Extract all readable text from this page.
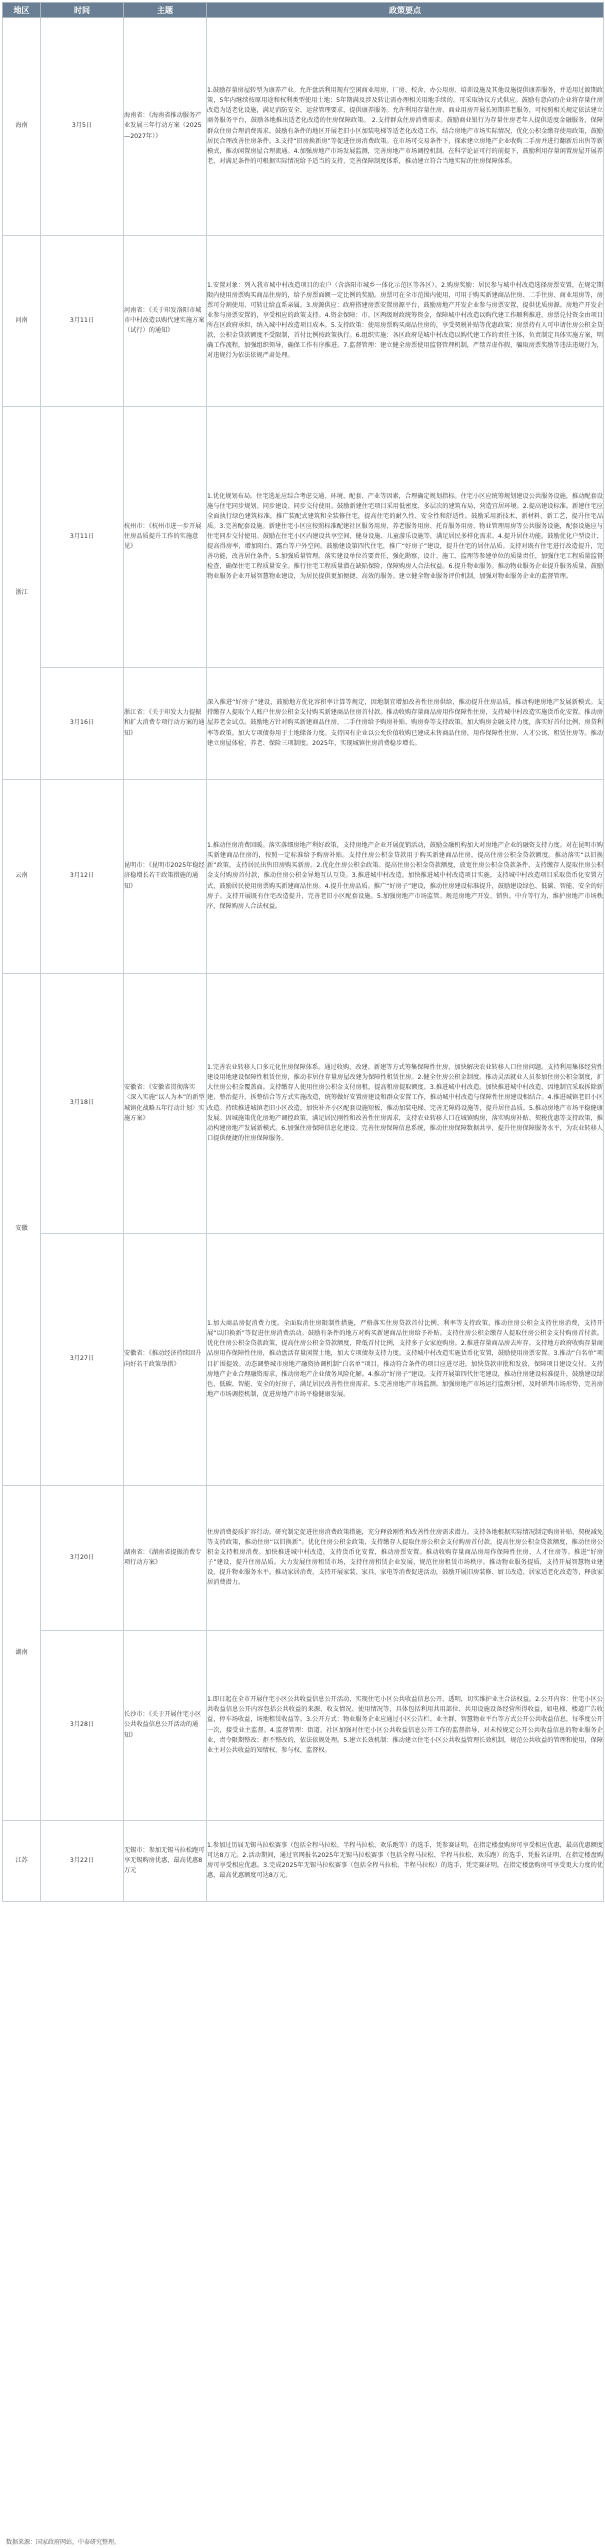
地区	时间	主题	政策要点
海南	3月5日	海南省：《海南省推动服务产业发展三年行动方案（2025—2027年）》	1.鼓励存量房屋转型为康养产业。允许盘活利用现有空闲商业用房、厂房、校舍、办公用房、培训设施及其他设施提供康养服务，并适用过渡期政策，5年内继续按原用途和权利类型使用土地；5年期满及涉及转让需办理相关用地手续的，可采取协议方式供应。鼓励有意向的企业将存量住房改造为适老化设施，满足消防安全、运营管理要求，提供康养服务。允许利用存量住房、商业用房开展长短期养老服务，可按照相关规定依法建立商务服务平台，鼓励各地推出适老化改造的住房保障政策。 2.支持群众住房消费需求。鼓励商业银行为存量住房老年人提供适度金融服务，保障群众住房合理消费需求。鼓励有条件的地区开展老旧小区加装电梯等适老化改造工作，结合房地产市场实际情况，优化公积金缴存使用政策，鼓励居民合理改善住房条件。3.支持“旧房换新房”等促进住房消费政策。在市场可交易条件下，探索建立房地产企业收购二手房并进行翻新后出售等新模式，推动闲置房屋合理流通。4.加强房地产市场发展监测，完善房地产市场调控机制。在科学论证可行的前提下，鼓励利用存量闲置房屋开展养老，对满足条件的可根据实际情况给予适当的支持，完善保障制度体系，推动建立符合当地实际的住房保障体系。
河南	3月11日	河南省：《关于印发洛阳市城市中村改造以购代建实施方案（试行）的通知》	1.安置对象：列入我市城中村改造项目的农户（含洛阳市城乡一体化示范区等各区）。2.购房奖励：居民参与城中村改造选择房票安置，在规定期限内使用房票购买商品住房的，给予房票面额一定比例的奖励。房票可在全市范围内使用，可用于购买新建商品住房、二手住房、商业用房等，房票可分割使用、可转让给直系亲属。3.房源供应：政府搭建房票安置房源平台，鼓励房地产开发企业参与房票安置，提供优质房源。房地产开发企业参与房票安置的，享受相应的政策支持。4.资金保障：市、区两级财政统筹资金，保障城中村改造以购代建工作顺利推进，房票兑付资金由项目所在区政府承担，纳入城中村改造项目成本。5.支持政策：使用房票购买商品住房的，享受契税补贴等优惠政策；房票持有人可申请住房公积金贷款，公积金贷款额度不受限制，首付比例按政策执行。6.组织实施：各区政府是城中村改造以购代建工作的责任主体，负责制定具体实施方案，明确工作流程，加强组织领导，确保工作有序推进。7.监督管理：建立健全房票使用监督管理机制，严禁弄虚作假、骗取房票奖励等违法违规行为，对违规行为依法依规严肃处理。
浙江	3月11日	杭州市：《杭州市进一步开展住房品质提升工作的实施意见》	1.优化规划布局。住宅选址应综合考虑交通、环境、配套、产业等因素，合理确定规划指标。住宅小区应统筹规划建设公共服务设施，推动配套设施与住宅同步规划、同步建设、同步交付使用。鼓励新建住宅项目采用低密度、多层次的建筑布局，营造宜居环境。2.提高建设标准。新建住宅应全面执行绿色建筑标准，推广装配式建筑和全装修住宅，提高住宅的耐久性、安全性和舒适性。鼓励采用新技术、新材料、新工艺，提升住宅品质。3.完善配套设施。新建住宅小区应按照标准配建社区服务用房、养老服务用房、托育服务用房、物业管理用房等公共服务设施，配套设施应与住宅同步交付使用。鼓励在住宅小区内建设共享空间、健身设施、儿童游乐设施等，满足居民多样化需求。4.提升居住功能。鼓励优化户型设计，提高得房率，增加阳台、露台等户外空间。鼓励建设第四代住宅，推广“好房子”建设，提升住宅的居住品质。支持对既有住宅进行改造提升，完善功能，改善居住条件。5.加强质量管理。落实建设单位首要责任，强化勘察、设计、施工、监理等参建单位的质量责任，加强住宅工程质量监督检查，确保住宅工程质量安全。推行住宅工程质量潜在缺陷保险，保障购房人合法权益。6.提升物业服务。推动物业服务企业提升服务质量，鼓励物业服务企业开展智慧物业建设，为居民提供更加便捷、高效的服务。建立健全物业服务评价机制，加强对物业服务企业的监督管理。
	3月16日	浙江省：《关于印发大力提振和扩大消费专项行动方案的通知》	深入推进“好房子”建设，鼓励地方优化容积率计算等规定，因地制宜增加改善性住房供给，推动提升住房品质，推动构建房地产发展新模式。支持缴存人提取个人账户住房公积金支付购买新建商品住房首付款。推动收购存量商品房用作保障性住房，支持城中村改造实施货币化安置。推动房屋养老金试点。鼓励地方针对购买新建商品住房、二手住房给予购房补贴、购房券等支持政策。加大购房金融支持力度，落实好首付比例、房贷利率等政策。加大专项债券用于土地储备力度。支持国有企业以公允价值收购已建成未售商品住房，用作保障性住房、人才公寓、租赁住房等。推动建立房屋体检、养老、保险三项制度。2025年，实现城镇住房消费稳步增长。
云南	3月12日	昆明市：《昆明市2025年稳经济稳增长若干政策措施的通知》	1.推动住房消费回暖。落实落细房地产利好政策，支持房地产企业开展促销活动，鼓励金融机构加大对房地产企业的融资支持力度。对在昆明市购买新建商品住房的，按照一定标准给予购房补贴。支持住房公积金贷款用于购买新建商品住房，提高住房公积金贷款额度。推动落实“以旧换新”政策，支持居民出售旧房购买新房。2.优化住房公积金政策。提高住房公积金贷款额度，放宽住房公积金贷款条件，支持缴存人提取住房公积金支付购房首付款，推动住房公积金异地互认互贷。3.推进城中村改造。加快推进城中村改造项目实施，支持城中村改造项目采取货币化安置方式，鼓励居民使用房票购买新建商品住房。4.提升住房品质。推广“好房子”建设，推动住房建设标准提升，鼓励建设绿色、低碳、智能、安全的好房子。支持开展既有住宅改造提升，完善老旧小区配套设施。5.加强房地产市场监管。规范房地产开发、销售、中介等行为，维护房地产市场秩序，保障购房人合法权益。
安徽	3月18日	安徽省：《安徽省贯彻落实〈深入实施“以人为本”的新型城镇化战略五年行动计划〉实施方案》	1.完善农业转移人口多元化住房保障体系。通过收购、改建、新建等方式筹集保障性住房，加快解决农业转移人口住房问题。支持利用集体经营性建设用地建设保障性租赁住房，推动非居住存量房屋改建为保障性租赁住房。2.健全住房公积金制度。推动灵活就业人员参加住房公积金制度，扩大住房公积金覆盖面。支持缴存人使用住房公积金支付房租，提高租房提取额度。3.推进城中村改造。加快推进城中村改造，因地制宜采取拆除新建、整治提升、拆整结合等方式实施改造，统筹做好安置房建设和群众安置工作，推动城中村改造与保障性住房建设相结合。4.推进城镇老旧小区改造。持续推进城镇老旧小区改造，加快补齐小区配套设施短板，推动加装电梯、完善无障碍设施等，提升居住品质。5.推动房地产市场平稳健康发展。因城施策优化房地产调控政策，满足居民刚性和改善性住房需求，支持农业转移人口在城镇购房，落实购房补贴、契税优惠等支持政策，推动构建房地产发展新模式。6.加强住房保障信息化建设。完善住房保障信息系统，推动住房保障数据共享，提升住房保障服务水平，为农业转移人口提供便捷的住房保障服务。
	3月27日	安徽省：《推动经济持续回升向好若干政策举措》	1.加大商品房促消费力度。全面取消住房限制性措施，严格落实住房贷款首付比例、利率等支持政策，推动住房公积金支持住房消费，支持开展“以旧换新”等促进住房消费活动。鼓励有条件的地方对购买新建商品住房给予补贴。支持住房公积金缴存人提取住房公积金支付购房首付款。优化住房公积金贷款政策，提高住房公积金贷款额度，降低首付比例，支持多子女家庭购房。2.推进存量商品房去库存。支持地方政府收购存量商品房用作保障性住房，推动盘活存量闲置土地，加大专项债券支持力度。支持城中村改造实施货币化安置，鼓励使用房票安置。3.推动“白名单”项目扩围提效。动态调整城市房地产融资协调机制“白名单”项目，推动符合条件的项目应进尽进，加快贷款审批和发放，保障项目建设交付。支持房地产企业合理融资需求，推动房地产企业债务风险化解。4.推动“好房子”建设。支持开展第四代住宅建设，推动住房建设标准提升，鼓励建设绿色、低碳、智能、安全的好房子，满足居民改善性住房需求。5.完善房地产市场监测。加强房地产市场运行监测分析，及时研判市场形势，完善房地产市场调控机制，促进房地产市场平稳健康发展。
湖南	3月20日	湖南省：《湖南省提振消费专项行动方案》	住房消费提质扩容行动。研究制定促进住房消费政策措施，充分释放刚性和改善性住房需求潜力。支持各地根据实际情况制定购房补贴、契税减免等支持政策，推动住房“以旧换新”。优化住房公积金政策，支持缴存人提取住房公积金支付购房首付款，提高住房公积金贷款额度，推动住房公积金支持租房消费。加快推进城中村改造，支持货币化安置，推动房票安置。推动收购存量商品房用作保障性住房、人才住房等。推进“好房子”建设，提升住房品质。大力发展住房租赁市场，支持住房租赁企业发展，规范住房租赁市场秩序。推动物业服务提质，支持开展智慧物业建设，提升物业服务水平。推动家居消费，支持开展家装、家具、家电等消费促进活动，鼓励开展旧房装修、厨卫改造、居家适老化改造等，释放家居消费潜力。
	3月28日	长沙市：《关于开展住宅小区公共收益信息公开活动的通知》	1.即日起在全市开展住宅小区公共收益信息公开活动，实现住宅小区公共收益信息公开、透明，切实维护业主合法权益。2.公开内容：住宅小区公共收益信息公开内容包括公共收益的来源、收支情况、使用情况等，具体包括利用共用部位、共用设施设备经营所得收益，如电梯、楼道广告收益，停车场收益，场地租赁收益等。3.公开方式：物业服务企业应通过小区公告栏、业主群、智慧物业平台等方式公开公共收益信息，每季度公开一次，接受业主监督。4.监督管理：街道、社区加强对住宅小区公共收益信息公开工作的监督指导，对未按规定公开公共收益信息的物业服务企业，责令限期整改；拒不整改的，依法依规处理。5.建立长效机制：推动建立住宅小区公共收益管理长效机制，规范公共收益的管理和使用，保障业主对公共收益的知情权、参与权、监督权。
江苏	3月22日	无锡市：参加无锡马拉松跑可享无锡购房优惠，最高优惠8万元	1.参加过历届无锡马拉松赛事（包括全程马拉松、半程马拉松、欢乐跑等）的选手，凭参赛证明，在指定楼盘购房可享受相应优惠，最高优惠额度可达8万元。2.活动期间，通过官网报名2025年无锡马拉松赛事（包括全程马拉松、半程马拉松、欢乐跑）的选手，凭报名证明，在指定楼盘购房可享受相应优惠。3.完成2025年无锡马拉松赛事（包括全程马拉松、半程马拉松）的选手，凭完赛证明，在指定楼盘购房可享受更大力度的优惠，最高优惠额度可达8万元。
数据来源：国家政府网站，中泰研究整理。
